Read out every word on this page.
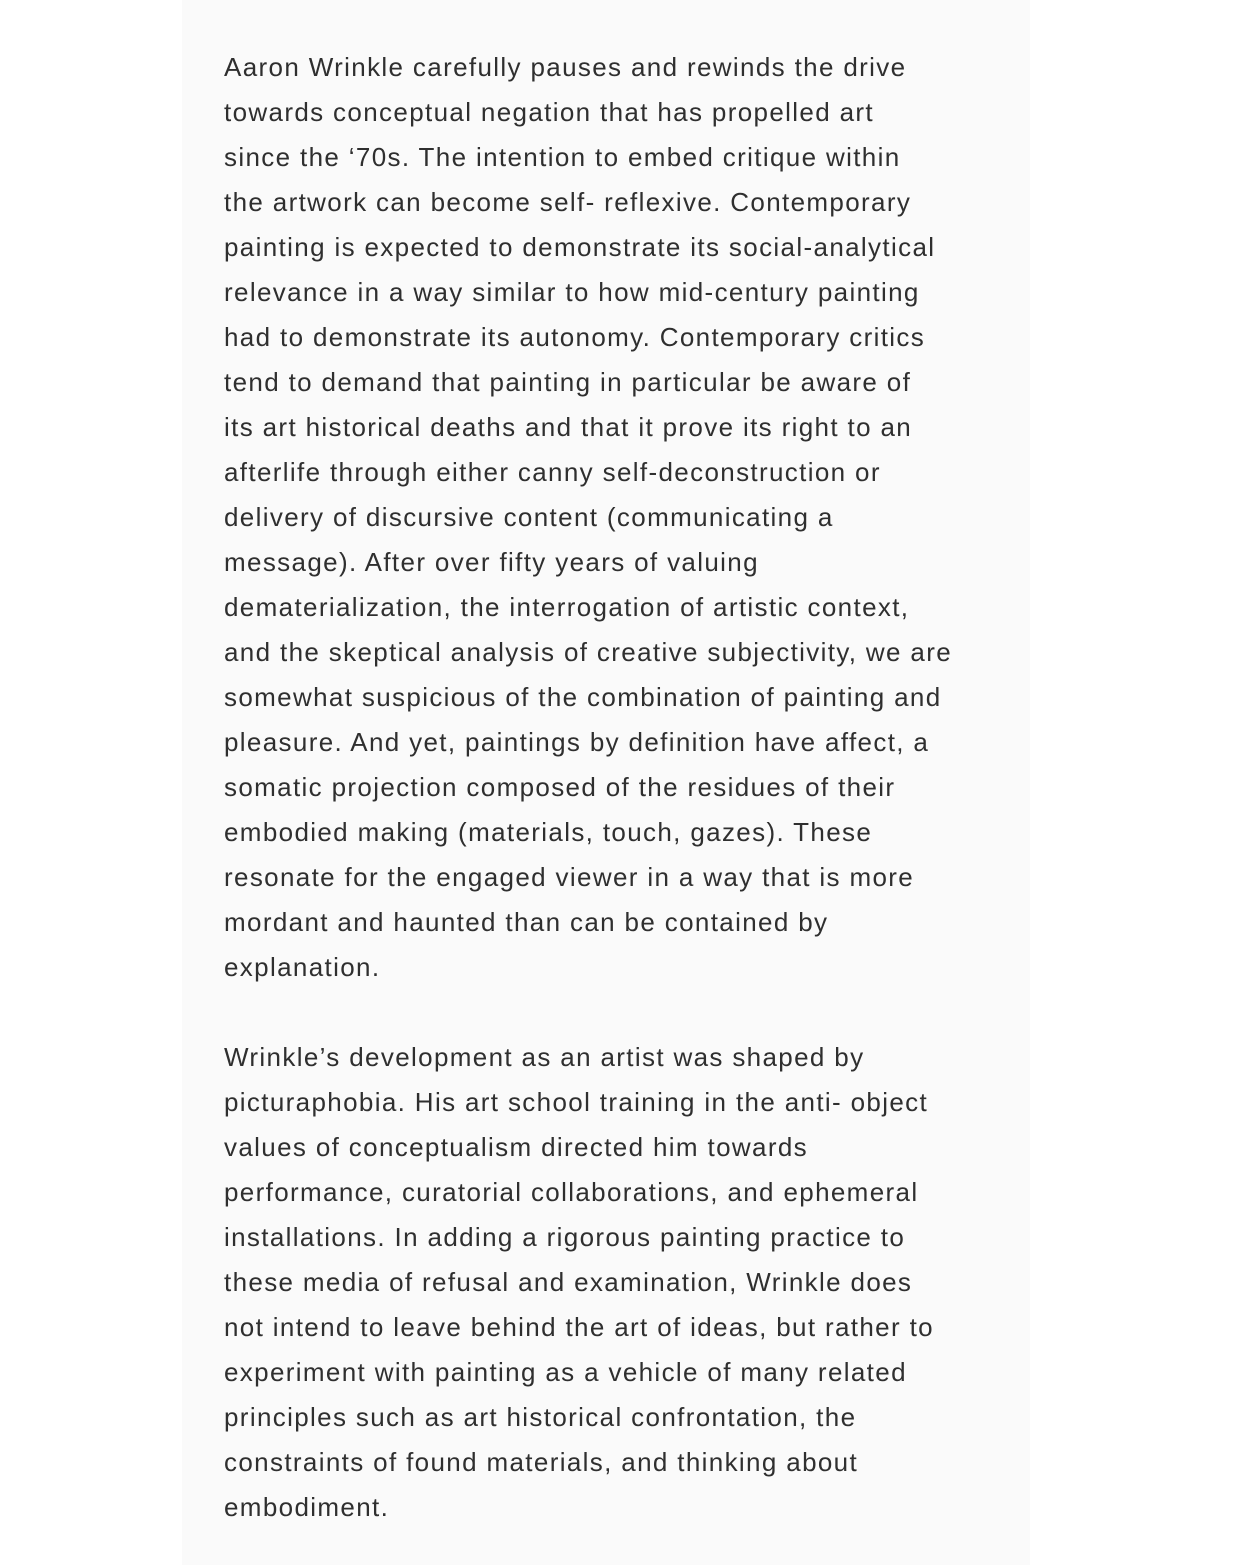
Aaron Wrinkle carefully pauses and rewinds the drive
towards conceptual negation that has propelled art
since the ‘70s. The intention to embed critique within
the artwork can become self- reflexive. Contemporary
painting is expected to demonstrate its social-analytical
relevance in a way similar to how mid-century painting
had to demonstrate its autonomy. Contemporary critics
tend to demand that painting in particular be aware of
its art historical deaths and that it prove its right to an
afterlife through either canny self-deconstruction or
delivery of discursive content (communicating a
message). After over fifty years of valuing
dematerialization, the interrogation of artistic context,
and the skeptical analysis of creative subjectivity, we are
somewhat suspicious of the combination of painting and
pleasure. And yet, paintings by definition have affect, a
somatic projection composed of the residues of their
embodied making (materials, touch, gazes). These
resonate for the engaged viewer in a way that is more
mordant and haunted than can be contained by
explanation.

Wrinkle’s development as an artist was shaped by
picturaphobia. His art school training in the anti- object
values of conceptualism directed him towards
performance, curatorial collaborations, and ephemeral
installations. In adding a rigorous painting practice to
these media of refusal and examination, Wrinkle does
not intend to leave behind the art of ideas, but rather to
experiment with painting as a vehicle of many related
principles such as art historical confrontation, the
constraints of found materials, and thinking about
embodiment.
